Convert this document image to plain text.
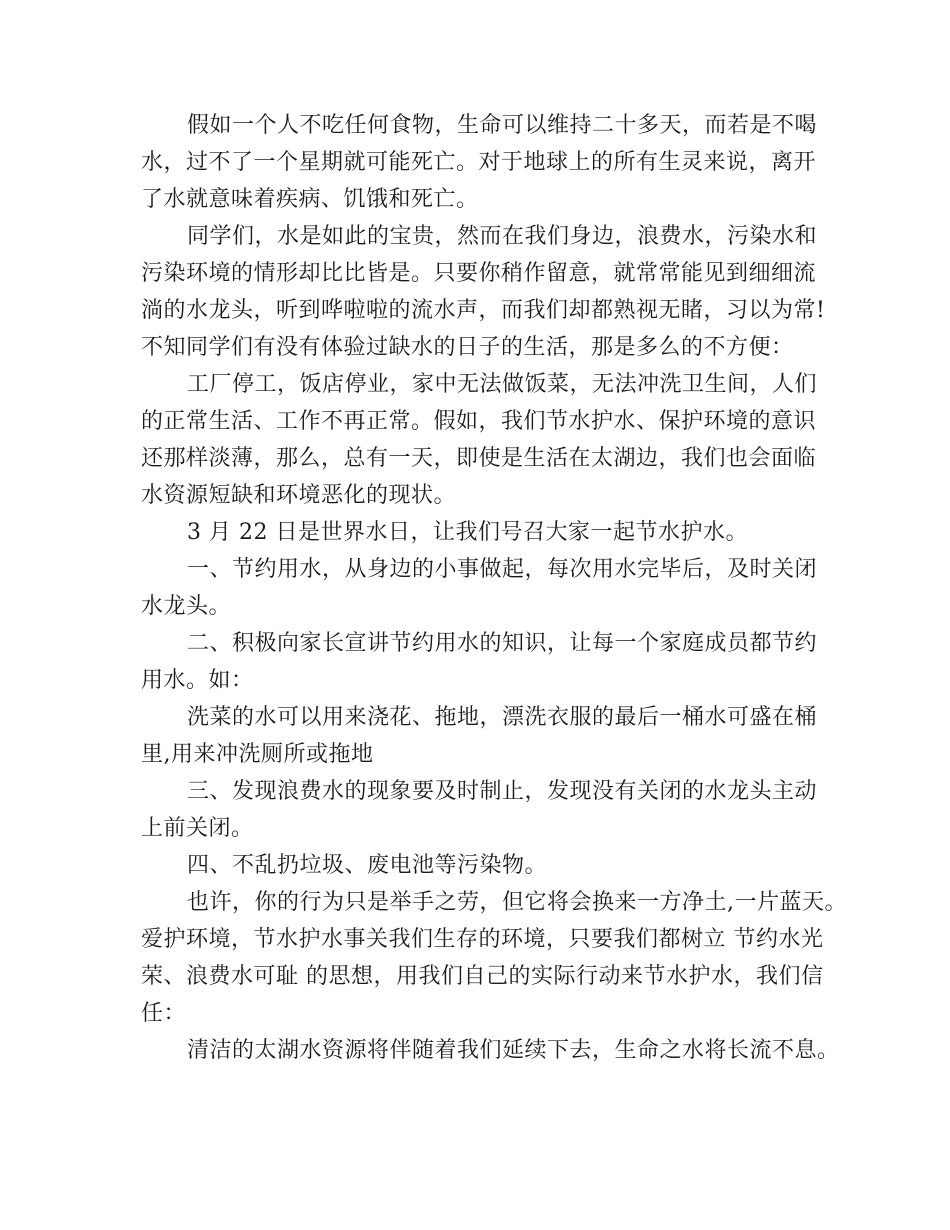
假如一个人不吃任何食物，生命可以维持二十多天，而若是不喝
水，过不了一个星期就可能死亡。对于地球上的所有生灵来说，离开
了水就意味着疾病、饥饿和死亡。
同学们，水是如此的宝贵，然而在我们身边，浪费水，污染水和
污染环境的情形却比比皆是。只要你稍作留意，就常常能见到细细流
淌的水龙头，听到哗啦啦的流水声，而我们却都熟视无睹，习以为常!
不知同学们有没有体验过缺水的日子的生活，那是多么的不方便：
工厂停工，饭店停业，家中无法做饭菜，无法冲洗卫生间，人们
的正常生活、工作不再正常。假如，我们节水护水、保护环境的意识
还那样淡薄，那么，总有一天，即使是生活在太湖边，我们也会面临
水资源短缺和环境恶化的现状。
3 月 22 日是世界水日，让我们号召大家一起节水护水。
一、节约用水，从身边的小事做起，每次用水完毕后，及时关闭
水龙头。
二、积极向家长宣讲节约用水的知识，让每一个家庭成员都节约
用水。如：
洗菜的水可以用来浇花、拖地，漂洗衣服的最后一桶水可盛在桶
里,用来冲洗厕所或拖地
三、发现浪费水的现象要及时制止，发现没有关闭的水龙头主动
上前关闭。
四、不乱扔垃圾、废电池等污染物。
也许，你的行为只是举手之劳，但它将会换来一方净土,一片蓝天。
爱护环境，节水护水事关我们生存的环境，只要我们都树立 节约水光
荣、浪费水可耻 的思想，用我们自己的实际行动来节水护水，我们信
任：
清洁的太湖水资源将伴随着我们延续下去，生命之水将长流不息。
